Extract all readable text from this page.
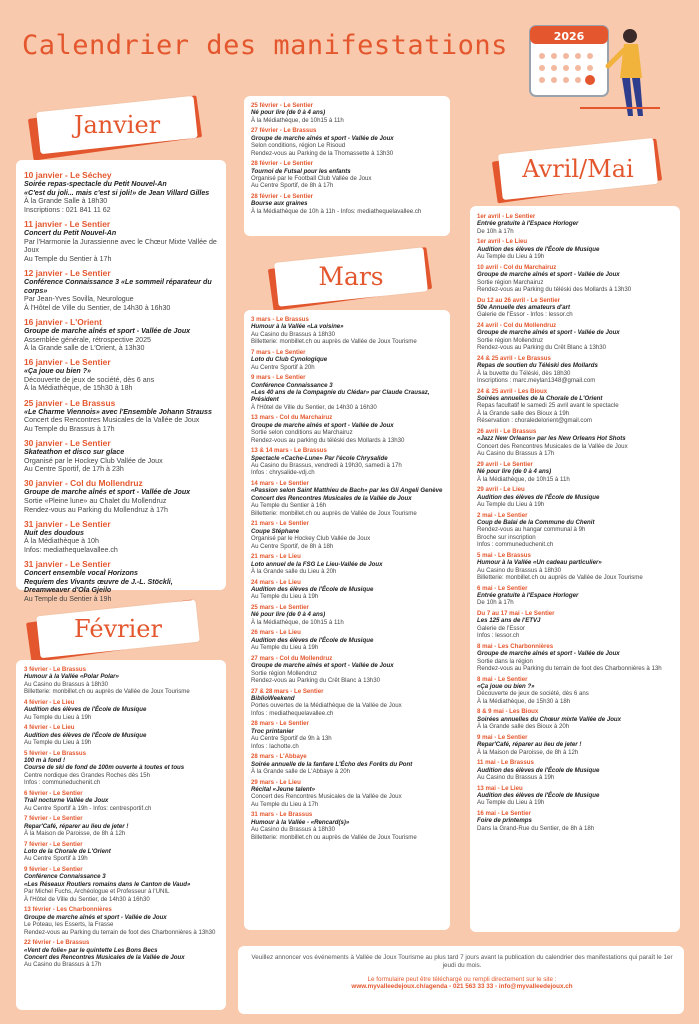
Calendrier des manifestations	2026
Janvier
10 janvier - Le Séchey
Soirée repas-spectacle du Petit Nouvel-An
«C'est du joli... mais c'est si joli!» de Jean Villard Gilles
À la Grande Salle à 18h30
Inscriptions : 021 841 11 62
11 janvier - Le Sentier
Concert du Petit Nouvel-An
Par l'Harmonie la Jurassienne avec le Chœur Mixte Vallée de Joux
Au Temple du Sentier à 17h
12 janvier - Le Sentier
Conférence Connaissance 3 «Le sommeil réparateur du corps»
Par Jean-Yves Sovilla, Neurologue
À l'Hôtel de Ville du Sentier, de 14h30 à 16h30
16 janvier - L'Orient
Groupe de marche aînés et sport - Vallée de Joux
Assemblée générale, rétrospective 2025
À la Grande salle de L'Orient, à 13h30
16 janvier - Le Sentier
«Ça joue ou bien ?»
Découverte de jeux de société, dès 6 ans
À la Médiathèque, de 15h30 à 18h
25 janvier - Le Brassus
«Le Charme Viennois» avec l'Ensemble Johann Strauss
Concert des Rencontres Musicales de la Vallée de Joux
Au Temple du Brassus à 17h
30 janvier - Le Sentier
Skateathon et disco sur glace
Organisé par le Hockey Club Vallée de Joux
Au Centre Sportif, de 17h à 23h
30 janvier - Col du Mollendruz
Groupe de marche aînés et sport - Vallée de Joux
Sortie «Pleine lune» au Chalet du Mollendruz
Rendez-vous au Parking du Mollendruz à 17h
31 janvier - Le Sentier
Nuit des doudous
À la Médiathèque à 10h
Infos: mediathequelavallee.ch
31 janvier - Le Sentier
Concert ensemble vocal Horizons
Requiem des Vivants œuvre de J.-L. Stöckli,
Dreamweaver d'Ola Gjeilo
Au Temple du Sentier à 19h
Février
3 février - Le Brassus
Humour à la Vallée «Polar Polar»
Au Casino du Brassus à 18h30
Billetterie: monbillet.ch ou auprès de Vallée de Joux Tourisme
4 février - Le Lieu
Audition des élèves de l'École de Musique
Au Temple du Lieu à 19h
4 février - Le Lieu
Audition des élèves de l'École de Musique
Au Temple du Lieu à 19h
5 février - Le Brassus
100 m à fond !
Course de ski de fond de 100m ouverte à toutes et tous
Centre nordique des Grandes Roches dès 15h
Infos : communeduchenit.ch
6 février - Le Sentier
Trail nocturne Vallée de Joux
Au Centre Sportif à 19h - Infos: centresportif.ch
7 février - Le Sentier
Repar'Café, réparer au lieu de jeter !
À la Maison de Paroisse, de 8h à 12h
7 février - Le Sentier
Loto de la Chorale de L'Orient
Au Centre Sportif à 19h
9 février - Le Sentier
Conférence Connaissance 3
«Les Réseaux Routiers romains dans le Canton de Vaud»
Par Michel Fuchs, Archéologue et Professeur à l'UNIL
À l'Hôtel de Ville du Sentier, de 14h30 à 16h30
13 février - Les Charbonnières
Groupe de marche aînés et sport - Vallée de Joux
Le Poteau, les Esserts, la Frasse
Rendez-vous au Parking du terrain de foot des Charbonnières à 13h30
22 février - Le Brassus
«Vent de folie» par le quintette Les Bons Becs
Concert des Rencontres Musicales de la Vallée de Joux
Au Casino du Brassus à 17h
25 février - Le Sentier
Né pour lire (de 0 à 4 ans)
À la Médiathèque, de 10h15 à 11h
27 février - Le Brassus
Groupe de marche aînés et sport - Vallée de Joux
Selon conditions, région Le Risoud
Rendez-vous au Parking de la Thomassette à 13h30
28 février - Le Sentier
Tournoi de Futsal pour les enfants
Organisé par le Football Club Vallée de Joux
Au Centre Sportif, de 8h à 17h
28 février - Le Sentier
Bourse aux graines
À la Médiathèque de 10h à 11h - Infos: mediathequelavallee.ch
Mars
3 mars - Le Brassus
Humour à la Vallée «La voisine»
Au Casino du Brassus à 18h30
Billetterie: monbillet.ch ou auprès de Vallée de Joux Tourisme
7 mars - Le Sentier
Loto du Club Cynologique
Au Centre Sportif à 20h
9 mars - Le Sentier
Conférence Connaissance 3
«Les 40 ans de la Compagnie du Clédar» par Claude Crausaz, Président
À l'Hôtel de Ville du Sentier, de 14h30 à 16h30
13 mars - Col du Marchairuz
Groupe de marche aînés et sport - Vallée de Joux
Sortie selon conditions au Marchairuz
Rendez-vous au parking du téléski des Mollards à 13h30
13 & 14 mars - Le Brassus
Spectacle «Cache-Lune» Par l'école Chrysalide
Au Casino du Brassus, vendredi à 19h30, samedi à 17h
Infos : chrysalide-vdj.ch
14 mars - Le Sentier
«Passion selon Saint Matthieu de Bach» par les Gli Angeli Genève
Concert des Rencontres Musicales de la Vallée de Joux
Au Temple du Sentier à 16h
Billetterie: monbillet.ch ou auprès de Vallée de Joux Tourisme
21 mars - Le Sentier
Coupe Stéphane
Organisé par le Hockey Club Vallée de Joux
Au Centre Sportif, de 8h à 18h
21 mars - Le Lieu
Loto annuel de la FSG Le Lieu-Vallée de Joux
À la Grande salle du Lieu à 20h
24 mars - Le Lieu
Audition des élèves de l'École de Musique
Au Temple du Lieu à 19h
25 mars - Le Sentier
Né pour lire (de 0 à 4 ans)
À la Médiathèque, de 10h15 à 11h
26 mars - Le Lieu
Audition des élèves de l'École de Musique
Au Temple du Lieu à 19h
27 mars - Col du Mollendruz
Groupe de marche aînés et sport - Vallée de Joux
Sortie région Mollendruz
Rendez-vous au Parking du Crêt Blanc à 13h30
27 & 28 mars - Le Sentier
BiblioWeekend
Portes ouvertes de la Médiathèque de la Vallée de Joux
Infos : mediathequelavallee.ch
28 mars - Le Sentier
Troc printanier
Au Centre Sportif de 9h à 13h
Infos : lachotte.ch
28 mars - L'Abbaye
Soirée annuelle de la fanfare L'Écho des Forêts du Pont
À la Grande salle de L'Abbaye à 20h
29 mars - Le Lieu
Récital «Jeune talent»
Concert des Rencontres Musicales de la Vallée de Joux
Au Temple du Lieu à 17h
31 mars - Le Brassus
Humour à la Vallée - «Rencard(s)»
Au Casino du Brassus à 18h30
Billetterie: monbillet.ch ou auprès de Vallée de Joux Tourisme
Avril/Mai
1er avril - Le Sentier
Entrée gratuite à l'Espace Horloger
De 10h à 17h
1er avril - Le Lieu
Audition des élèves de l'École de Musique
Au Temple du Lieu à 19h
10 avril - Col du Marchairuz
Groupe de marche aînés et sport - Vallée de Joux
Sortie région Marchairuz
Rendez-vous au Parking du téléski des Mollards à 13h30
Du 12 au 26 avril - Le Sentier
50e Annuelle des amateurs d'art
Galerie de l'Essor - Infos : lessor.ch
24 avril - Col du Mollendruz
Groupe de marche aînés et sport - Vallée de Joux
Sortie région Mollendruz
Rendez-vous au Parking du Crêt Blanc à 13h30
24 & 25 avril - Le Brassus
Repas de soutien du Téléski des Mollards
À la buvette du Téléski, dès 18h30
Inscriptions : marc.meylan1348@gmail.com
24 & 25 avril - Les Bioux
Soirées annuelles de la Chorale de L'Orient
Repas facultatif le samedi 25 avril avant le spectacle
À la Grande salle des Bioux à 19h
Réservation : choraledelorient@gmail.com
26 avril - Le Brassus
«Jazz New Orleans» par les New Orleans Hot Shots
Concert des Rencontres Musicales de la Vallée de Joux
Au Casino du Brassus à 17h
29 avril - Le Sentier
Né pour lire (de 0 à 4 ans)
À la Médiathèque, de 10h15 à 11h
29 avril - Le Lieu
Audition des élèves de l'École de Musique
Au Temple du Lieu à 19h
2 mai - Le Sentier
Coup de Balai de la Commune du Chenit
Rendez-vous au hangar communal à 9h
Broche sur inscription
Infos : communeduchenit.ch
5 mai - Le Brassus
Humour à la Vallée «Un cadeau particulier»
Au Casino du Brassus à 18h30
Billetterie: monbillet.ch ou auprès de Vallée de Joux Tourisme
6 mai - Le Sentier
Entrée gratuite à l'Espace Horloger
De 10h à 17h
Du 7 au 17 mai - Le Sentier
Les 125 ans de l'ETVJ
Galerie de l'Essor
Infos : lessor.ch
8 mai - Les Charbonnières
Groupe de marche aînés et sport - Vallée de Joux
Sortie dans la région
Rendez-vous au Parking du terrain de foot des Charbonnières à 13h
8 mai - Le Sentier
«Ça joue ou bien ?»
Découverte de jeux de société, dès 6 ans
À la Médiathèque, de 15h30 à 18h
8 & 9 mai - Les Bioux
Soirées annuelles du Chœur mixte Vallée de Joux
À la Grande salle des Bioux à 20h
9 mai - Le Sentier
Repar'Café, réparer au lieu de jeter !
À la Maison de Paroisse, de 8h à 12h
11 mai - Le Brassus
Audition des élèves de l'École de Musique
Au Casino du Brassus à 19h
13 mai - Le Lieu
Audition des élèves de l'École de Musique
Au Temple du Lieu à 19h
16 mai - Le Sentier
Foire de printemps
Dans la Grand-Rue du Sentier, de 8h à 18h
Veuillez annoncer vos événements à Vallée de Joux Tourisme au plus tard 7 jours avant la publication du calendrier des manifestations qui paraît le 1er jeudi du mois.
Le formulaire peut être téléchargé ou rempli directement sur le site :
www.myvalleedejoux.ch/agenda - 021 563 33 33 - info@myvalleedejoux.ch
